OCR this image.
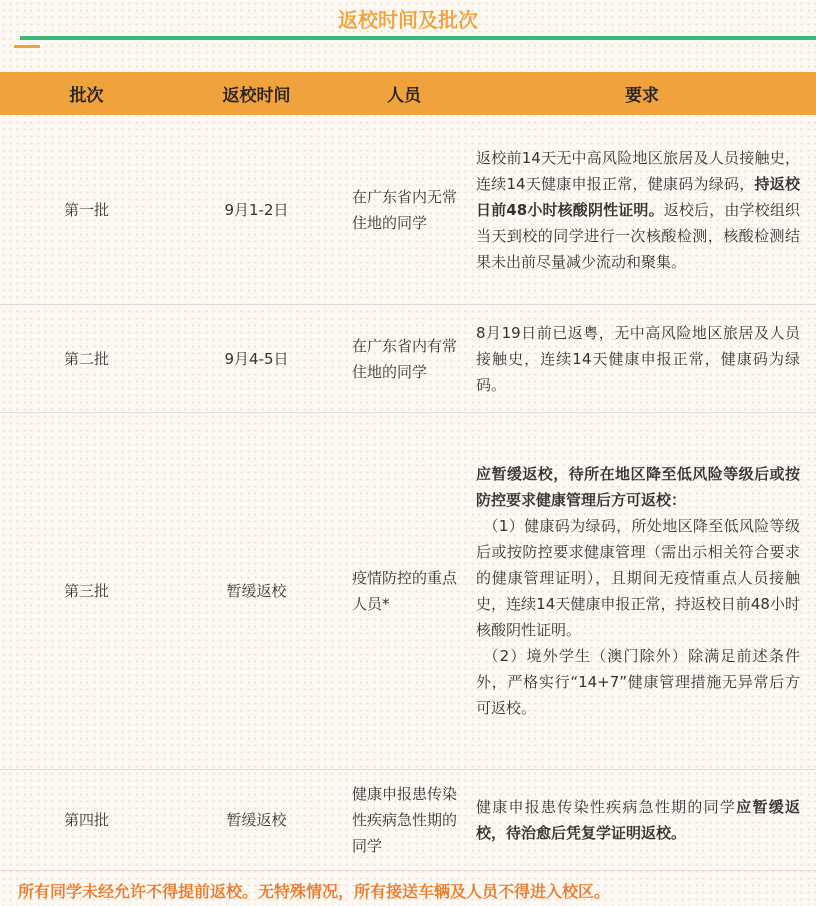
返校时间及批次
批次	返校时间	人员	要求
第一批	9月1-2日	在广东省内无常住地的同学	返校前14天无中高风险地区旅居及人员接触史，连续14天健康申报正常，健康码为绿码，持返校日前48小时核酸阴性证明。返校后，由学校组织当天到校的同学进行一次核酸检测，核酸检测结果未出前尽量减少流动和聚集。
第二批	9月4-5日	在广东省内有常住地的同学	8月19日前已返粤，无中高风险地区旅居及人员接触史，连续14天健康申报正常，健康码为绿码。
第三批	暂缓返校	疫情防控的重点人员*	应暂缓返校，待所在地区降至低风险等级后或按防控要求健康管理后方可返校：
（1）健康码为绿码，所处地区降至低风险等级后或按防控要求健康管理（需出示相关符合要求的健康管理证明），且期间无疫情重点人员接触史，连续14天健康申报正常，持返校日前48小时核酸阴性证明。
（2）境外学生（澳门除外）除满足前述条件外，严格实行“14+7”健康管理措施无异常后方可返校。

第四批	暂缓返校	健康申报患传染性疾病急性期的同学	健康申报患传染性疾病急性期的同学应暂缓返校，待治愈后凭复学证明返校。
所有同学未经允许不得提前返校。无特殊情况，所有接送车辆及人员不得进入校区。
